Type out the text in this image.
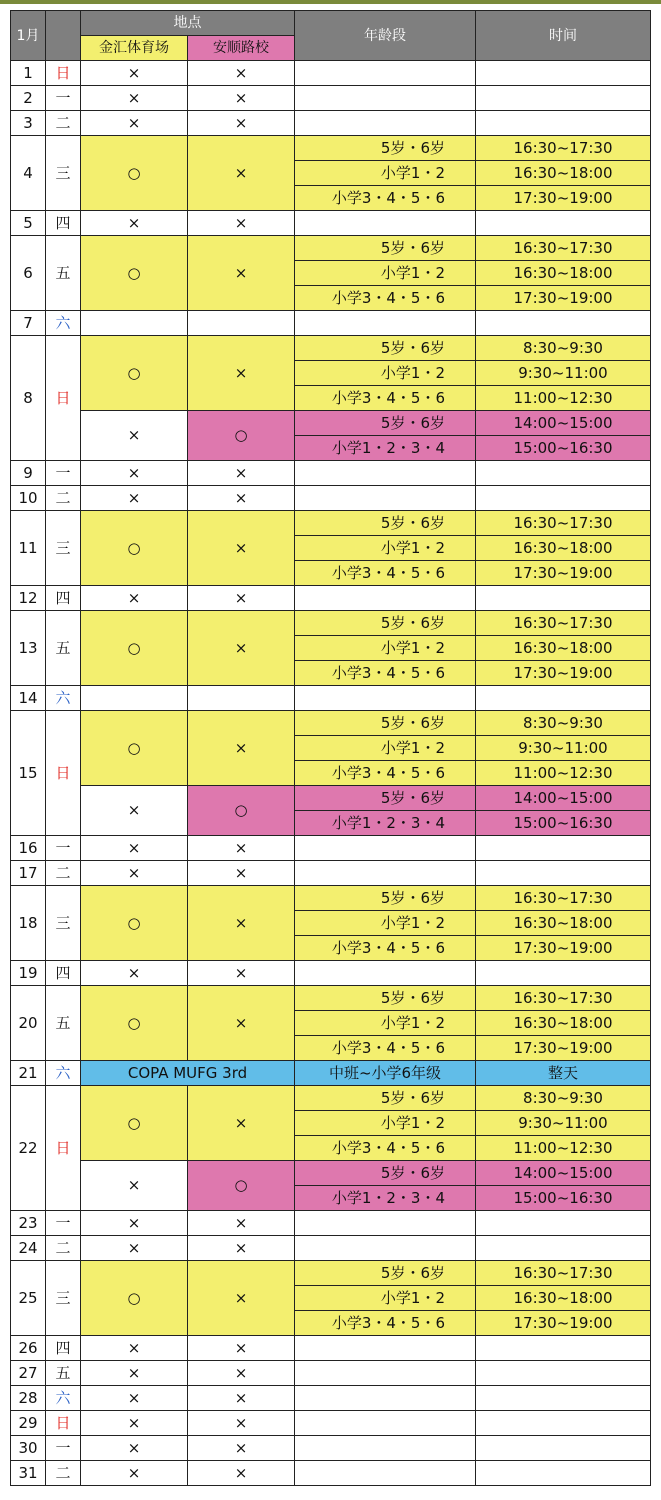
1月		地点		年龄段	时间
		金汇体育场	安顺路校		
1	日	×	×		
2	一	×	×		
3	二	×	×		
4	三	○	×	5岁・6岁	16:30~17:30
				小学1・2	16:30~18:00
				小学3・4・5・6	17:30~19:00
5	四	×	×		
6	五	○	×	5岁・6岁	16:30~17:30
				小学1・2	16:30~18:00
				小学3・4・5・6	17:30~19:00
7	六				
8	日	○	×	5岁・6岁	8:30~9:30
				小学1・2	9:30~11:00
				小学3・4・5・6	11:00~12:30
		×	○	5岁・6岁	14:00~15:00
				小学1・2・3・4	15:00~16:30
9	一	×	×		
10	二	×	×		
11	三	○	×	5岁・6岁	16:30~17:30
				小学1・2	16:30~18:00
				小学3・4・5・6	17:30~19:00
12	四	×	×		
13	五	○	×	5岁・6岁	16:30~17:30
				小学1・2	16:30~18:00
				小学3・4・5・6	17:30~19:00
14	六				
15	日	○	×	5岁・6岁	8:30~9:30
				小学1・2	9:30~11:00
				小学3・4・5・6	11:00~12:30
		×	○	5岁・6岁	14:00~15:00
				小学1・2・3・4	15:00~16:30
16	一	×	×		
17	二	×	×		
18	三	○	×	5岁・6岁	16:30~17:30
				小学1・2	16:30~18:00
				小学3・4・5・6	17:30~19:00
19	四	×	×		
20	五	○	×	5岁・6岁	16:30~17:30
				小学1・2	16:30~18:00
				小学3・4・5・6	17:30~19:00
21	六	COPA MUFG 3rd		中班~小学6年级	整天
22	日	○	×	5岁・6岁	8:30~9:30
				小学1・2	9:30~11:00
				小学3・4・5・6	11:00~12:30
		×	○	5岁・6岁	14:00~15:00
				小学1・2・3・4	15:00~16:30
23	一	×	×		
24	二	×	×		
25	三	○	×	5岁・6岁	16:30~17:30
				小学1・2	16:30~18:00
				小学3・4・5・6	17:30~19:00
26	四	×	×		
27	五	×	×		
28	六	×	×		
29	日	×	×		
30	一	×	×		
31	二	×	×		
